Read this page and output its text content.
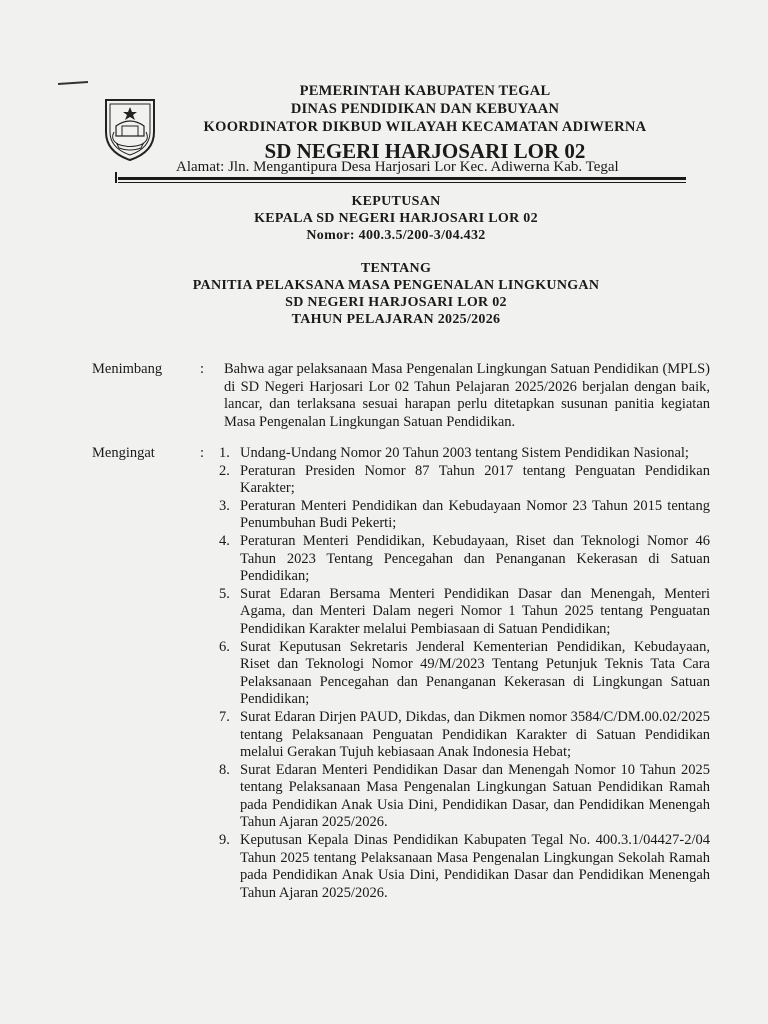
PEMERINTAH KABUPATEN TEGAL
DINAS PENDIDIKAN DAN KEBUYAAN
KOORDINATOR DIKBUD WILAYAH KECAMATAN ADIWERNA
SD NEGERI HARJOSARI LOR 02
Alamat: Jln. Mengantipura Desa Harjosari Lor Kec. Adiwerna Kab. Tegal
KEPUTUSAN
KEPALA SD NEGERI HARJOSARI LOR 02
Nomor: 400.3.5/200-3/04.432
TENTANG
PANITIA PELAKSANA MASA PENGENALAN LINGKUNGAN
SD NEGERI HARJOSARI LOR 02
TAHUN PELAJARAN 2025/2026
Menimbang	: Bahwa agar pelaksanaan Masa Pengenalan Lingkungan Satuan Pendidikan (MPLS) di SD Negeri Harjosari Lor 02 Tahun Pelajaran 2025/2026 berjalan dengan baik, lancar, dan terlaksana sesuai harapan perlu ditetapkan susunan panitia kegiatan Masa Pengenalan Lingkungan Satuan Pendidikan.
Mengingat	: 1. Undang-Undang Nomor 20 Tahun 2003 tentang Sistem Pendidikan Nasional;
2. Peraturan Presiden Nomor 87 Tahun 2017 tentang Penguatan Pendidikan Karakter;
3. Peraturan Menteri Pendidikan dan Kebudayaan Nomor 23 Tahun 2015 tentang Penumbuhan Budi Pekerti;
4. Peraturan Menteri Pendidikan, Kebudayaan, Riset dan Teknologi Nomor 46 Tahun 2023 Tentang Pencegahan dan Penanganan Kekerasan di Satuan Pendidikan;
5. Surat Edaran Bersama Menteri Pendidikan Dasar dan Menengah, Menteri Agama, dan Menteri Dalam negeri Nomor 1 Tahun 2025 tentang Penguatan Pendidikan Karakter melalui Pembiasaan di Satuan Pendidikan;
6. Surat Keputusan Sekretaris Jenderal Kementerian Pendidikan, Kebudayaan, Riset dan Teknologi Nomor 49/M/2023 Tentang Petunjuk Teknis Tata Cara Pelaksanaan Pencegahan dan Penanganan Kekerasan di Lingkungan Satuan Pendidikan;
7. Surat Edaran Dirjen PAUD, Dikdas, dan Dikmen nomor 3584/C/DM.00.02/2025 tentang Pelaksanaan Penguatan Pendidikan Karakter di Satuan Pendidikan melalui Gerakan Tujuh kebiasaan Anak Indonesia Hebat;
8. Surat Edaran Menteri Pendidikan Dasar dan Menengah Nomor 10 Tahun 2025 tentang Pelaksanaan Masa Pengenalan Lingkungan Satuan Pendidikan Ramah pada Pendidikan Anak Usia Dini, Pendidikan Dasar, dan Pendidikan Menengah Tahun Ajaran 2025/2026.
9. Keputusan Kepala Dinas Pendidikan Kabupaten Tegal No. 400.3.1/04427-2/04 Tahun 2025 tentang Pelaksanaan Masa Pengenalan Lingkungan Sekolah Ramah pada Pendidikan Anak Usia Dini, Pendidikan Dasar dan Pendidikan Menengah Tahun Ajaran 2025/2026.
